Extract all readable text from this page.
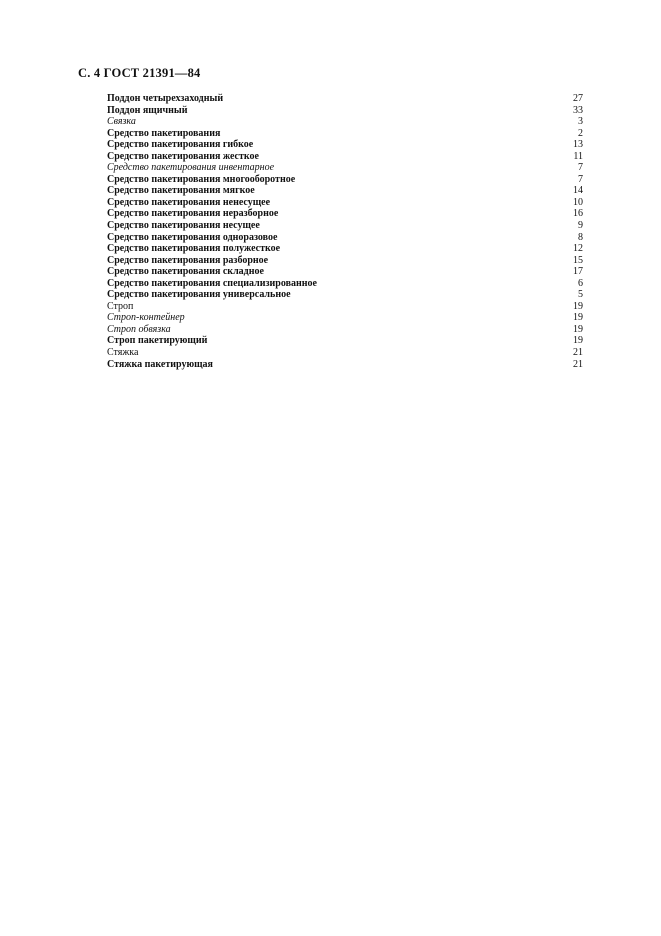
С. 4 ГОСТ 21391—84
Поддон четырехзаходный	27
Поддон ящичный	33
Связка	3
Средство пакетирования	2
Средство пакетирования гибкое	13
Средство пакетирования жесткое	11
Средство пакетирования инвентарное	7
Средство пакетирования многооборотное	7
Средство пакетирования мягкое	14
Средство пакетирования ненесущее	10
Средство пакетирования неразборное	16
Средство пакетирования несущее	9
Средство пакетирования одноразовое	8
Средство пакетирования полужесткое	12
Средство пакетирования разборное	15
Средство пакетирования складное	17
Средство пакетирования специализированное	6
Средство пакетирования универсальное	5
Строп	19
Строп-контейнер	19
Строп обвязка	19
Строп пакетирующий	19
Стяжка	21
Стяжка пакетирующая	21
